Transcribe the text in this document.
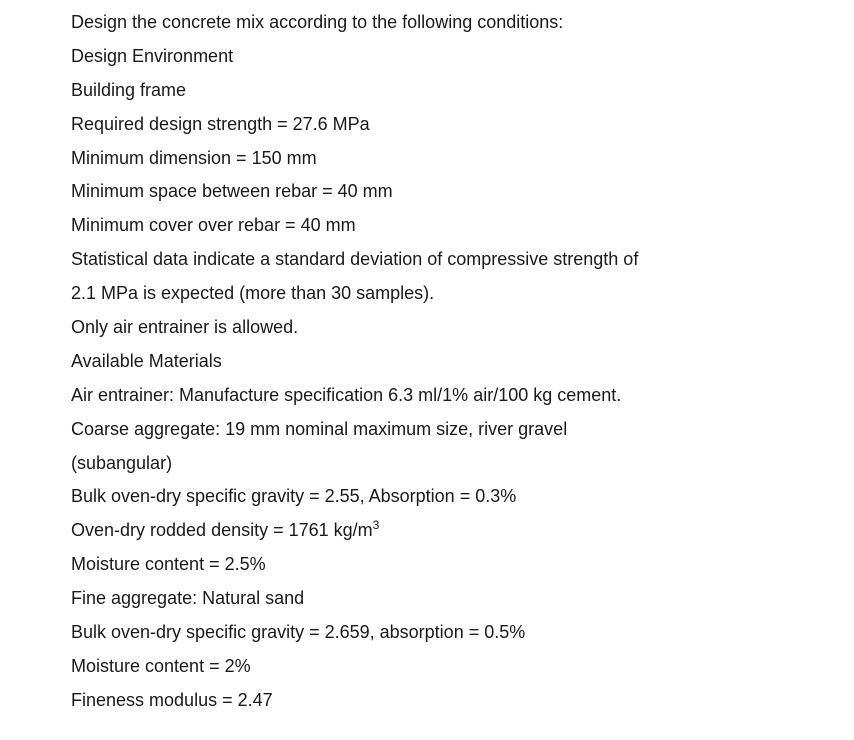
Design the concrete mix according to the following conditions:
Design Environment
Building frame
Required design strength = 27.6 MPa
Minimum dimension = 150 mm
Minimum space between rebar = 40 mm
Minimum cover over rebar = 40 mm
Statistical data indicate a standard deviation of compressive strength of
2.1 MPa is expected (more than 30 samples).
Only air entrainer is allowed.
Available Materials
Air entrainer: Manufacture specification 6.3 ml/1% air/100 kg cement.
Coarse aggregate: 19 mm nominal maximum size, river gravel
(subangular)
Bulk oven-dry specific gravity = 2.55, Absorption = 0.3%
Oven-dry rodded density = 1761 $kg/m^3$
Moisture content = 2.5%
Fine aggregate: Natural sand
Bulk oven-dry specific gravity = 2.659, absorption = 0.5%
Moisture content = 2%
Fineness modulus = 2.47
